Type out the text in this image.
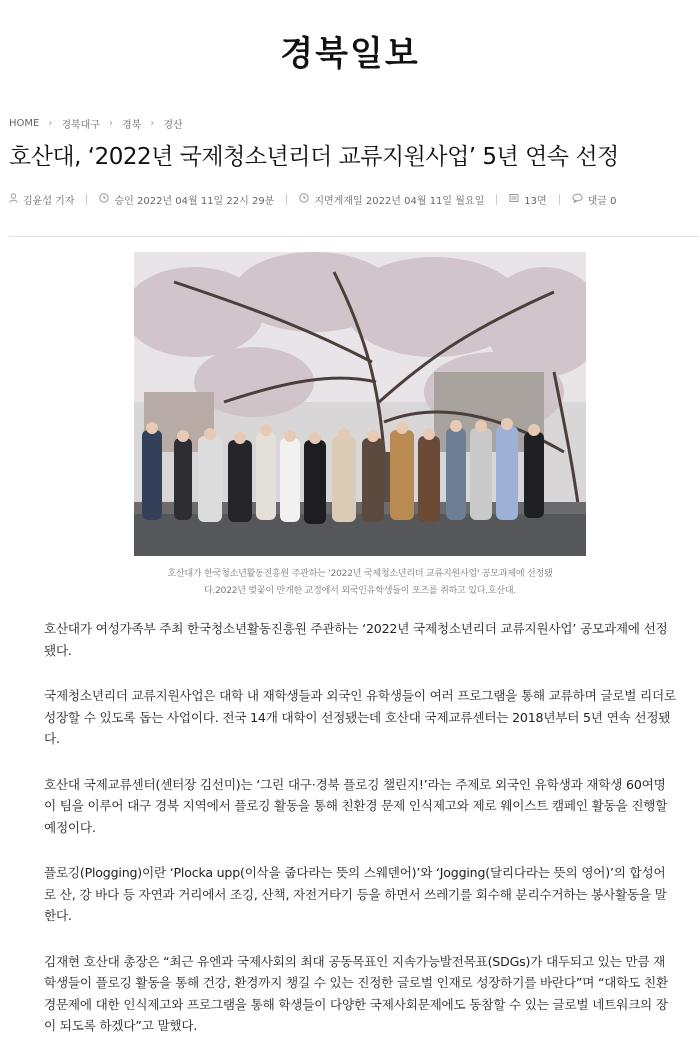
경북일보
HOME › 경북대구 › 경북 › 경산
호산대, ‘2022년 국제청소년리더 교류지원사업’ 5년 연속 선정
김윤섭 기자	승인 2022년 04월 11일 22시 29분	지면게재일 2022년 04월 11일 월요일	13면	댓글 0
호산대가 한국청소년활동진흥원 주관하는 '2022년 국제청소년리더 교류지원사업' 공모과제에 선정됐
다.2022년 벚꽃이 만개한 교정에서 외국인유학생들이 포즈를 취하고 있다.호산대.

호산대가 여성가족부 주최 한국청소년활동진흥원 주관하는 ‘2022년 국제청소년리더 교류지원사업’ 공모과제에 선정됐다.

국제청소년리더 교류지원사업은 대학 내 재학생들과 외국인 유학생들이 여러 프로그램을 통해 교류하며 글로벌 리더로 성장할 수 있도록 돕는 사업이다. 전국 14개 대학이 선정됐는데 호산대 국제교류센터는 2018년부터 5년 연속 선정됐다.

호산대 국제교류센터(센터장 김선미)는 ‘그린 대구·경북 플로깅 챌린지!’라는 주제로 외국인 유학생과 재학생 60여명이 팀을 이루어 대구 경북 지역에서 플로깅 활동을 통해 친환경 문제 인식제고와 제로 웨이스트 캠페인 활동을 진행할 예정이다.

플로깅(Plogging)이란 ‘Plocka upp(이삭을 줍다라는 뜻의 스웨덴어)’와 ‘Jogging(달리다라는 뜻의 영어)’의 합성어로 산, 강 바다 등 자연과 거리에서 조깅, 산책, 자전거타기 등을 하면서 쓰레기를 회수해 분리수거하는 봉사활동을 말한다.

김재현 호산대 총장은 “최근 유엔과 국제사회의 최대 공동목표인 지속가능발전목표(SDGs)가 대두되고 있는 만큼 재학생들이 플로깅 활동을 통해 건강, 환경까지 챙길 수 있는 진정한 글로벌 인재로 성장하기를 바란다”며 “대학도 친환경문제에 대한 인식제고와 프로그램을 통해 학생들이 다양한 국제사회문제에도 동참할 수 있는 글로벌 네트워크의 장이 되도록 하겠다”고 말했다.
